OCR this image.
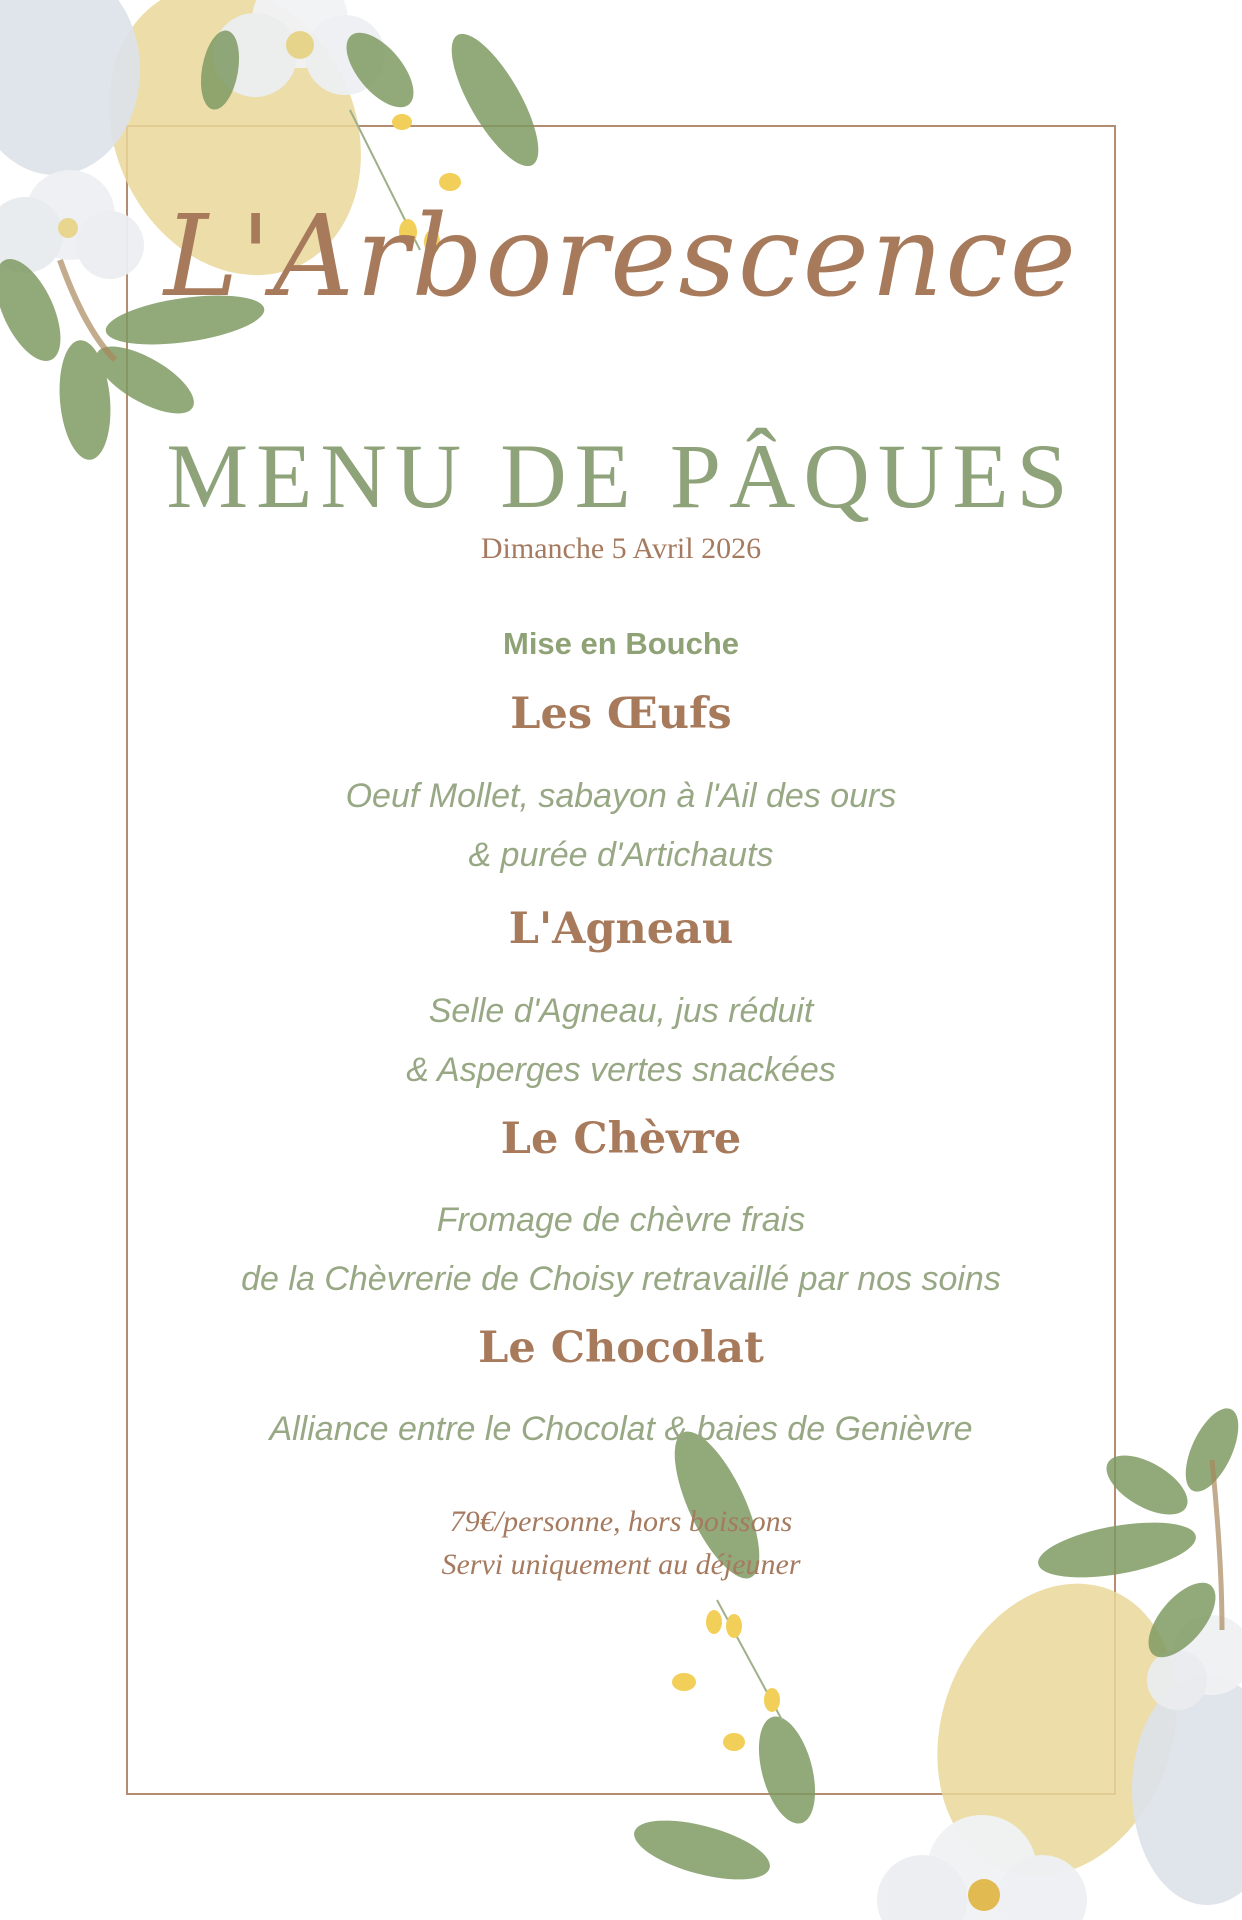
L'Arborescence
MENU DE PÂQUES
Dimanche 5 Avril 2026
Mise en Bouche
Les Œufs
Oeuf Mollet, sabayon à l'Ail des ours
& purée d'Artichauts
L'Agneau
Selle d'Agneau, jus réduit
& Asperges vertes snackées
Le Chèvre
Fromage de chèvre frais
de la Chèvrerie de Choisy retravaillé par nos soins
Le Chocolat
Alliance entre le Chocolat & baies de Genièvre
79€/personne, hors boissons
Servi uniquement au déjeuner
